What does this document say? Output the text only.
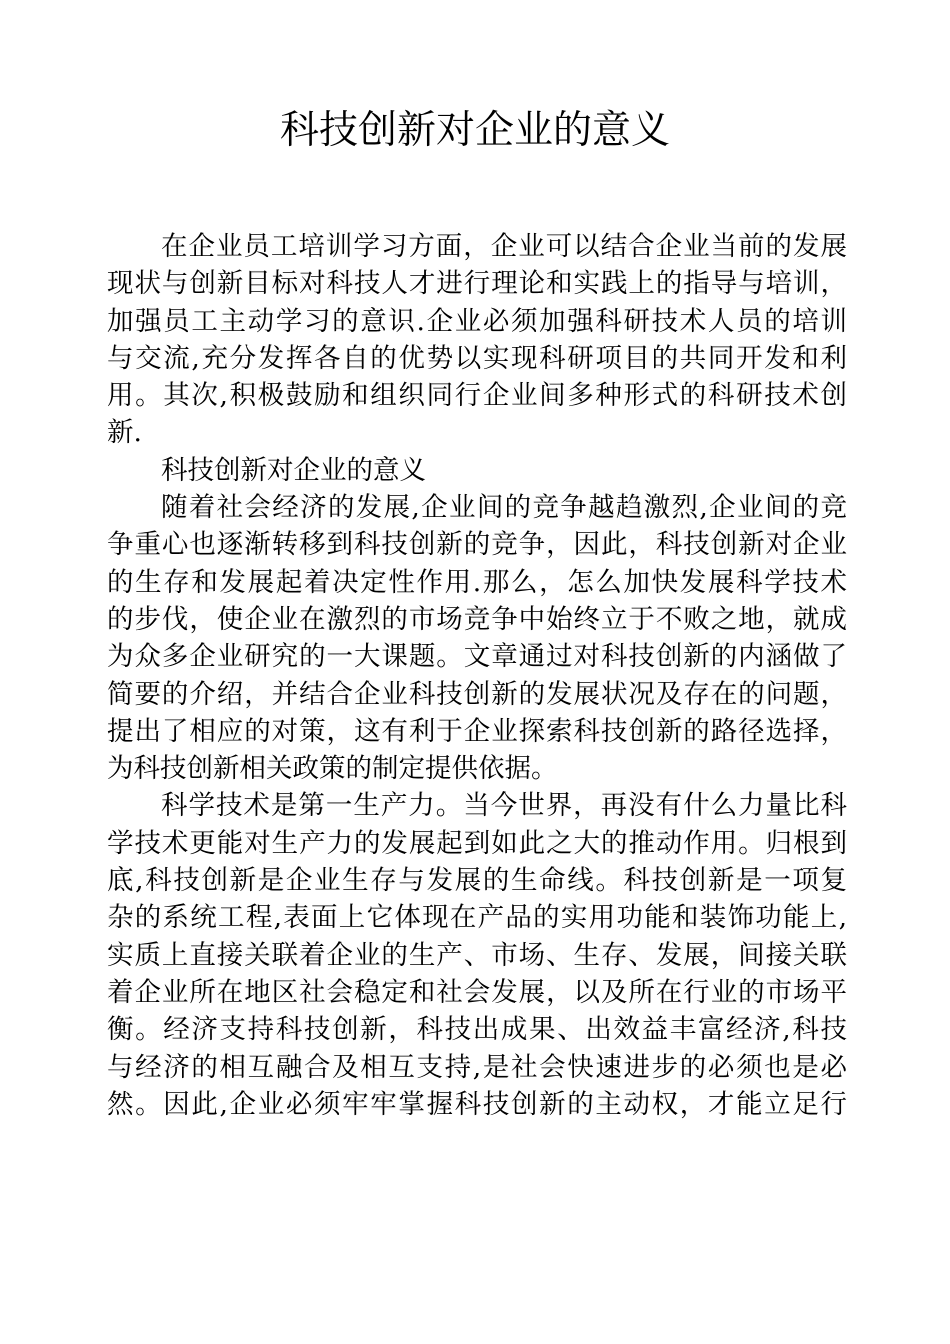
科技创新对企业的意义
在企业员工培训学习方面，企业可以结合企业当前的发展
现状与创新目标对科技人才进行理论和实践上的指导与培训，
加强员工主动学习的意识.企业必须加强科研技术人员的培训
与交流,充分发挥各自的优势以实现科研项目的共同开发和利
用。其次,积极鼓励和组织同行企业间多种形式的科研技术创
新.
科技创新对企业的意义
随着社会经济的发展,企业间的竞争越趋激烈,企业间的竞
争重心也逐渐转移到科技创新的竞争，因此，科技创新对企业
的生存和发展起着决定性作用.那么，怎么加快发展科学技术
的步伐，使企业在激烈的市场竞争中始终立于不败之地，就成
为众多企业研究的一大课题。文章通过对科技创新的内涵做了
简要的介绍，并结合企业科技创新的发展状况及存在的问题，
提出了相应的对策，这有利于企业探索科技创新的路径选择，
为科技创新相关政策的制定提供依据。
科学技术是第一生产力。当今世界，再没有什么力量比科
学技术更能对生产力的发展起到如此之大的推动作用。归根到
底,科技创新是企业生存与发展的生命线。科技创新是一项复
杂的系统工程,表面上它体现在产品的实用功能和装饰功能上,
实质上直接关联着企业的生产、市场、生存、发展，间接关联
着企业所在地区社会稳定和社会发展，以及所在行业的市场平
衡。经济支持科技创新，科技出成果、出效益丰富经济,科技
与经济的相互融合及相互支持,是社会快速进步的必须也是必
然。因此,企业必须牢牢掌握科技创新的主动权，才能立足行
